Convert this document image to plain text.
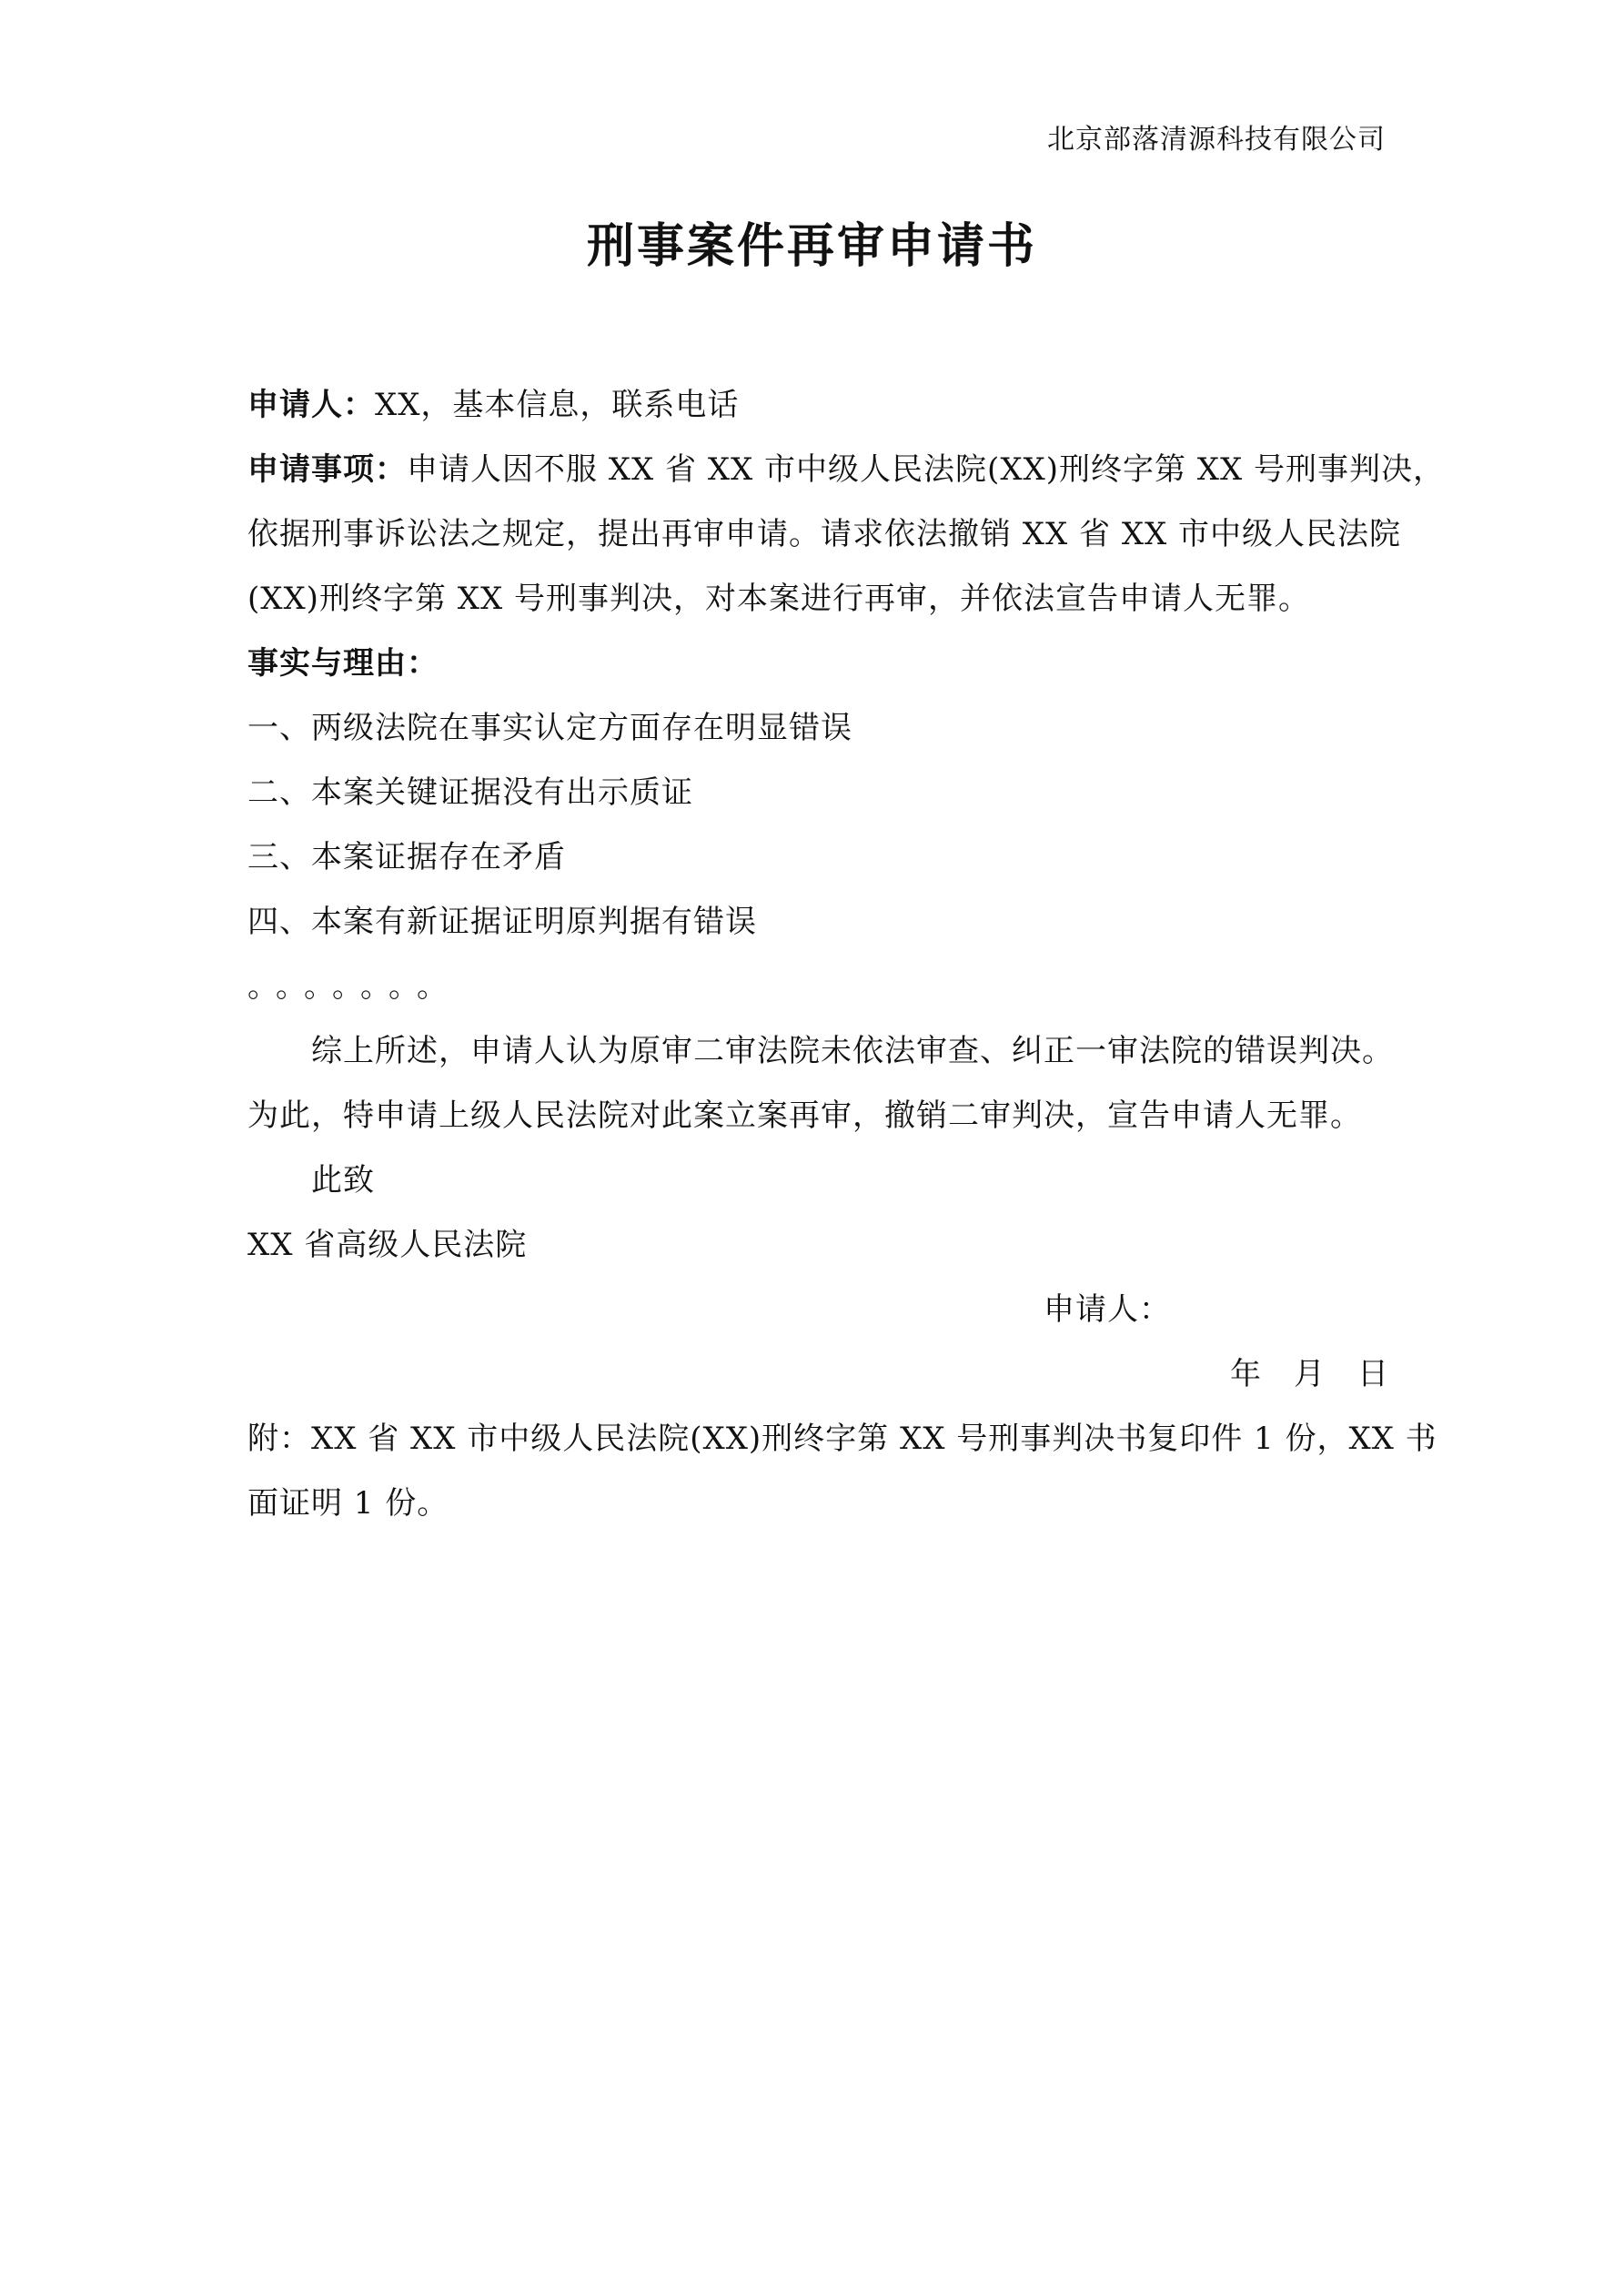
北京部落清源科技有限公司
刑事案件再审申请书
申请人：XX，基本信息，联系电话
申请事项：申请人因不服 XX 省 XX 市中级人民法院(XX)刑终字第 XX 号刑事判决，
依据刑事诉讼法之规定，提出再审申请。请求依法撤销 XX 省 XX 市中级人民法院
(XX)刑终字第 XX 号刑事判决，对本案进行再审，并依法宣告申请人无罪。
事实与理由：
一、两级法院在事实认定方面存在明显错误
二、本案关键证据没有出示质证
三、本案证据存在矛盾
四、本案有新证据证明原判据有错误
。。。。。。。
综上所述，申请人认为原审二审法院未依法审查、纠正一审法院的错误判决。
为此，特申请上级人民法院对此案立案再审，撤销二审判决，宣告申请人无罪。
此致
XX 省高级人民法院
申请人：
年　月　日
附：XX 省 XX 市中级人民法院(XX)刑终字第 XX 号刑事判决书复印件 1 份，XX 书
面证明 1 份。
